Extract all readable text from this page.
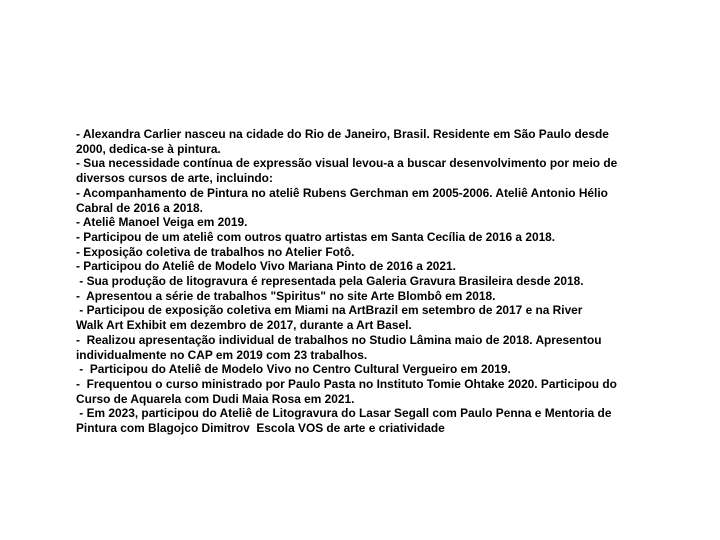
- Alexandra Carlier nasceu na cidade do Rio de Janeiro, Brasil. Residente em São Paulo desde
2000, dedica-se à pintura.
- Sua necessidade contínua de expressão visual levou-a a buscar desenvolvimento por meio de
diversos cursos de arte, incluindo:
- Acompanhamento de Pintura no ateliê Rubens Gerchman em 2005-2006. Ateliê Antonio Hélio
Cabral de 2016 a 2018.
- Ateliê Manoel Veiga em 2019.
- Participou de um ateliê com outros quatro artistas em Santa Cecília de 2016 a 2018.
- Exposição coletiva de trabalhos no Atelier Fotô.
- Participou do Ateliê de Modelo Vivo Mariana Pinto de 2016 a 2021.
- Sua produção de litogravura é representada pela Galeria Gravura Brasileira desde 2018.
-  Apresentou a série de trabalhos "Spiritus" no site Arte Blombô em 2018.
- Participou de exposição coletiva em Miami na ArtBrazil em setembro de 2017 e na River
Walk Art Exhibit em dezembro de 2017, durante a Art Basel.
-  Realizou apresentação individual de trabalhos no Studio Lâmina maio de 2018. Apresentou
individualmente no CAP em 2019 com 23 trabalhos.
-  Participou do Ateliê de Modelo Vivo no Centro Cultural Vergueiro em 2019.
-  Frequentou o curso ministrado por Paulo Pasta no Instituto Tomie Ohtake 2020. Participou do
Curso de Aquarela com Dudi Maia Rosa em 2021.
- Em 2023, participou do Ateliê de Litogravura do Lasar Segall com Paulo Penna e Mentoria de
Pintura com Blagojco Dimitrov  Escola VOS de arte e criatividade
